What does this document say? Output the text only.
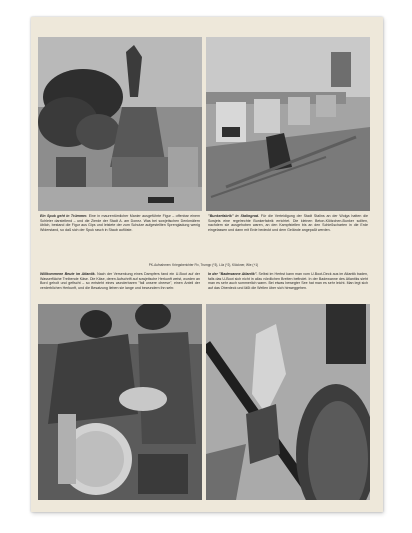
Ein Spuk geht in Trümmer. Eine in maurentümlicher Manier ausgeführte Figur – offenbar einem Schleier darstellend – und die Zierde der Stadt A. am Donez. Was bei sowjetischen Denkmälern üblich, bestand die Figur aus Gips und leistete der zum Schutze aufgestellten Sprengladung wenig Widerstand, so daß sich der Spuk rasch in Staub auflöste.
"Bunkerfabrik" in Stalingrad. Für die Verteidigung der Stadt Stalins an der Wolga hatten die Sowjets eine regelrechte Bunkerfabrik errichtet. Die kleinen Beton-Klötzchen-Bunker sollten, nachdem sie ausgehoben waren, an den Kampfstellen bis an den Schießscharten in die Erde eingelassen und dann mit Erde bedeckt und dem Gelände angepaßt werden.
PK-Aufnahmen: Kriegsberichter Fix, Trumpp (*3), Lüz (*2), Klöckner, Wie (+1)
Willkommene Beute im Atlantik. Nach der Versenkung eines Dampfers fand ein U-Boot auf der Wasserfläche Treibende Käse. Die Käse, deren Aufschrift auf sowjetische Herkunft weist, wurden an Bord geholt und gefischt – so entsteht eines wunderbaren "fall unsere cheese", einen Anteil der verderblichen Herkunft, und die Besatzung lieben sie lange und bewundern ihn sehr.
In der "Badewanne Atlantik". Selbst im Herbst kann man vom U-Boot-Deck aus im Atlantik baden, falls das U-Boot sich nicht in allzu nördlichen Breiten befindet. In der Badewanne des Atlantiks sieht man es sehr auch sommerlich warm. Bei etwas bewegter See hat man es sehr leicht. Man legt sich auf das Oberdeck und läßt die Wellen über sich hinweggehen.
